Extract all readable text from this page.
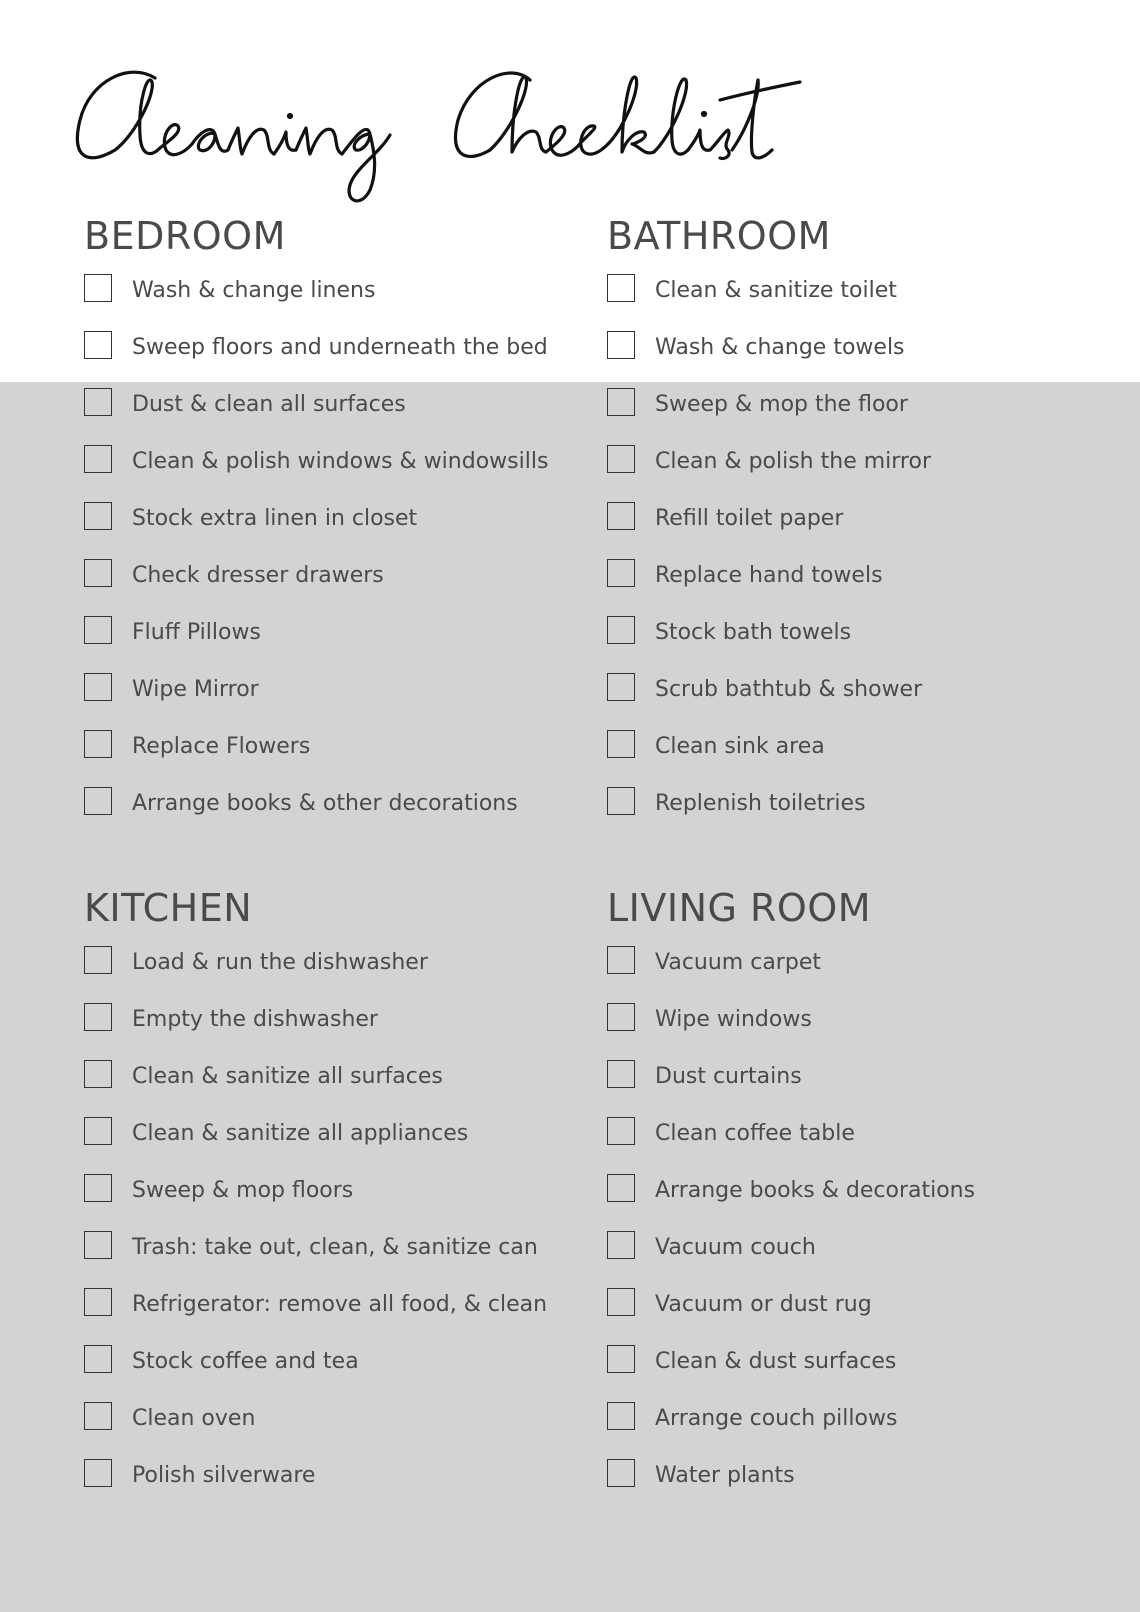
BEDROOM
Wash & change linens
Sweep floors and underneath the bed
Dust & clean all surfaces
Clean & polish windows & windowsills
Stock extra linen in closet
Check dresser drawers
Fluff Pillows
Wipe Mirror
Replace Flowers
Arrange books & other decorations
BATHROOM
Clean & sanitize toilet
Wash & change towels
Sweep & mop the floor
Clean & polish the mirror
Refill toilet paper
Replace hand towels
Stock bath towels
Scrub bathtub & shower
Clean sink area
Replenish toiletries
KITCHEN
Load & run the dishwasher
Empty the dishwasher
Clean & sanitize all surfaces
Clean & sanitize all appliances
Sweep & mop floors
Trash: take out, clean, & sanitize can
Refrigerator: remove all food, & clean
Stock coffee and tea
Clean oven
Polish silverware
LIVING ROOM
Vacuum carpet
Wipe windows
Dust curtains
Clean coffee table
Arrange books & decorations
Vacuum couch
Vacuum or dust rug
Clean & dust surfaces
Arrange couch pillows
Water plants
